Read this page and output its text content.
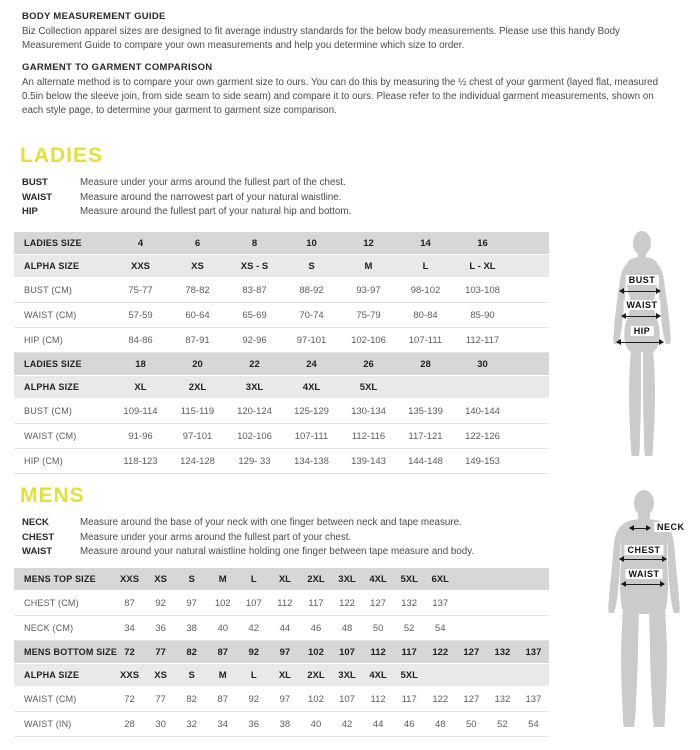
BODY MEASUREMENT GUIDE

Biz Collection apparel sizes are designed to fit average industry standards for the below body measurements. Please use this handy Body Measurement Guide to compare your own measurements and help you determine which size to order.

GARMENT TO GARMENT COMPARISON

An alternate method is to compare your own garment size to ours. You can do this by measuring the ½ chest of your garment (layed flat, measured 0.5in below the sleeve join, from side seam to side seam) and compare it to ours. Please refer to the individual garment measurements, shown on each style page, to determine your garment to garment size comparison.

LADIES
BUST	Measure under your arms around the fullest part of the chest.
WAIST	Measure around the narrowest part of your natural waistline.
HIP	Measure around the fullest part of your natural hip and bottom.
LADIES SIZE	4	6	8	10	12	14	16
ALPHA SIZE	XXS	XS	XS - S	S	M	L	L - XL
BUST (CM)	75-77	78-82	83-87	88-92	93-97	98-102	103-108
WAIST (CM)	57-59	60-64	65-69	70-74	75-79	80-84	85-90
HIP (CM)	84-86	87-91	92-96	97-101	102-106	107-111	112-117
LADIES SIZE	18	20	22	24	26	28	30
ALPHA SIZE	XL	2XL	3XL	4XL	5XL
BUST (CM)	109-114	115-119	120-124	125-129	130-134	135-139	140-144
WAIST (CM)	91-96	97-101	102-106	107-111	112-116	117-121	122-126
HIP (CM)	118-123	124-128	129- 33	134-138	139-143	144-148	149-153
BUST
WAIST
HIP
MENS
NECK	Measure around the base of your neck with one finger between neck and tape measure.
CHEST	Measure under your arms around the fullest part of your chest.
WAIST	Measure around your natural waistline holding one finger between tape measure and body.
MENS TOP SIZE	XXS	XS	S	M	L	XL	2XL	3XL	4XL	5XL	6XL
CHEST (CM)	87	92	97	102	107	112	117	122	127	132	137
NECK (CM)	34	36	38	40	42	44	46	48	50	52	54
MENS BOTTOM SIZE 72	77	82	87	92	97	102	107	112	117	122	127	132	137
ALPHA SIZE	XXS	XS	S	M	L	XL	2XL	3XL	4XL	5XL
WAIST (CM)	72	77	82	87	92	97	102	107	112	117	122	127	132	137
WAIST (IN)	28	30	32	34	36	38	40	42	44	46	48	50	52	54
NECK
CHEST
WAIST
